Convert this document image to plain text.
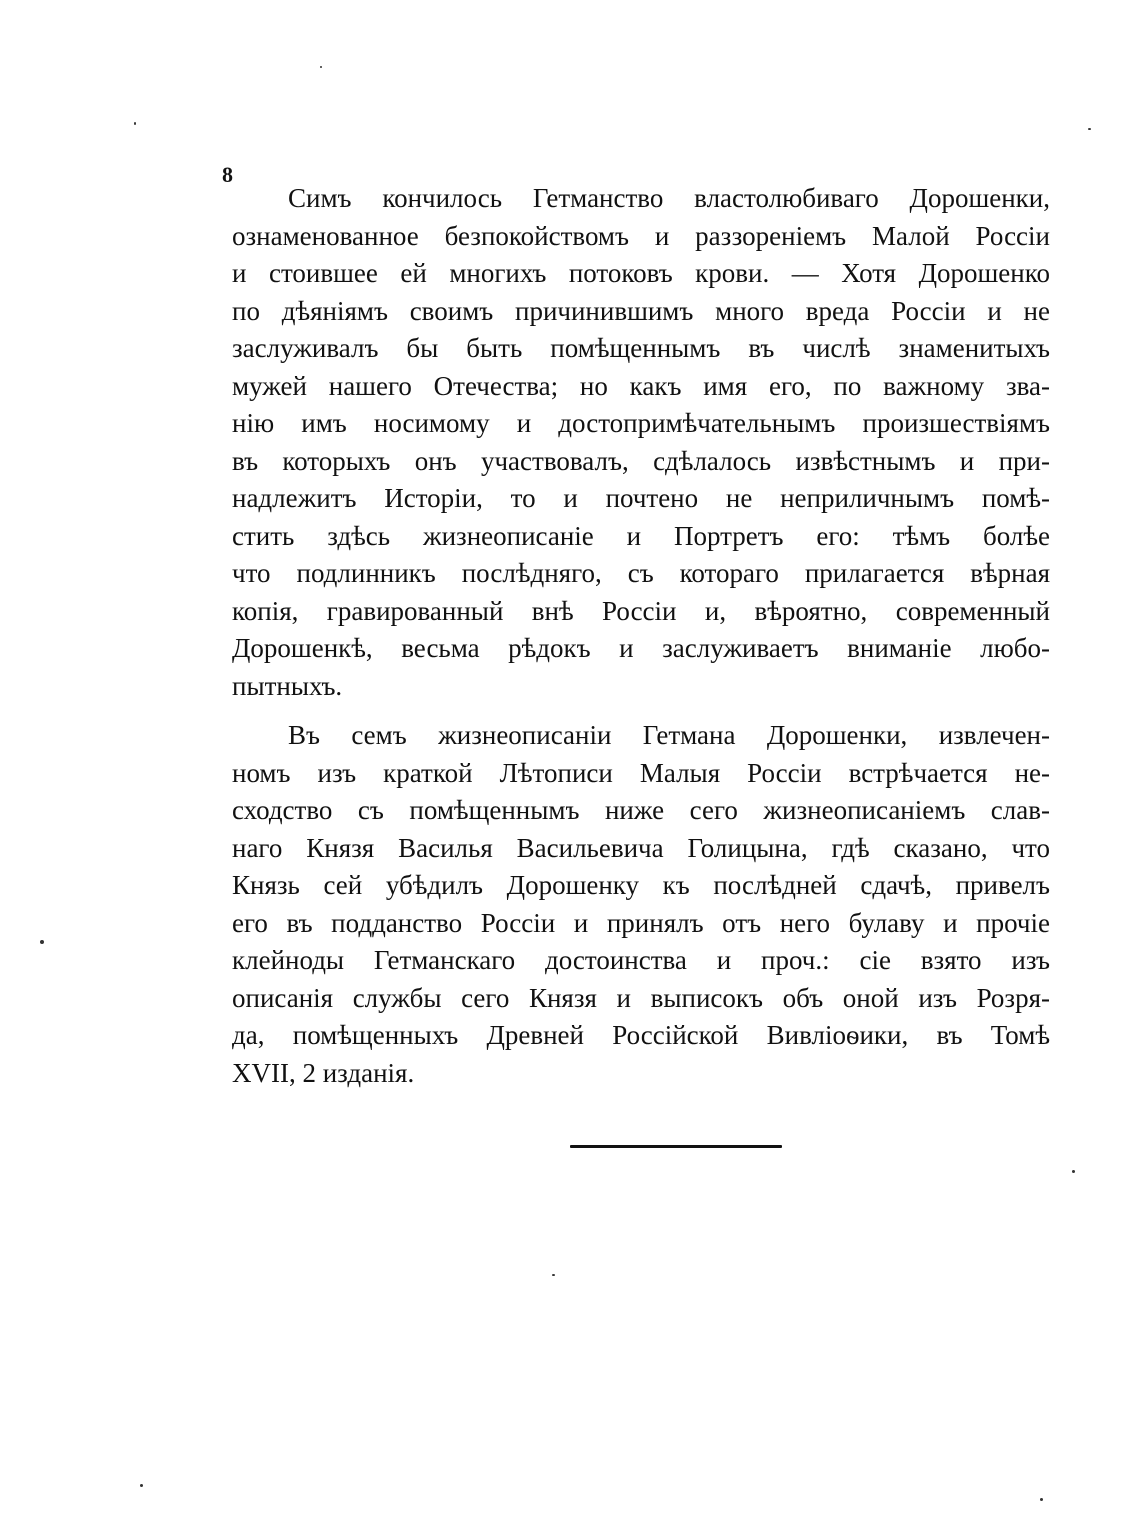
8
Симъ кончилось Гетманство властолюбиваго Дорошенки,
ознаменованное безпокойствомъ и раззореніемъ Малой Россіи
и стоившее ей многихъ потоковъ крови. — Хотя Дорошенко
по дѣяніямъ своимъ причинившимъ много вреда Россіи и не
заслуживалъ бы быть помѣщеннымъ въ числѣ знаменитыхъ
мужей нашего Отечества; но какъ имя его, по важному зва-
нію имъ носимому и достопримѣчательнымъ произшествіямъ
въ которыхъ онъ участвовалъ, сдѣлалось извѣстнымъ и при-
надлежитъ Исторіи, то и почтено не неприличнымъ помѣ-
стить здѣсь жизнеописаніе и Портретъ его: тѣмъ болѣе
что подлинникъ послѣдняго, съ котораго прилагается вѣрная
копія, гравированный внѣ Россіи и, вѣроятно, современный
Дорошенкѣ, весьма рѣдокъ и заслуживаетъ вниманіе любо-
пытныхъ.
Въ семъ жизнеописаніи Гетмана Дорошенки, извлечен-
номъ изъ краткой Лѣтописи Малыя Россіи встрѣчается не-
сходство съ помѣщеннымъ ниже сего жизнеописаніемъ слав-
наго Князя Василья Васильевича Голицына, гдѣ сказано, что
Князь сей убѣдилъ Дорошенку къ послѣдней сдачѣ, привелъ
его въ подданство Россіи и принялъ отъ него булаву и прочіе
клейноды Гетманскаго достоинства и проч.: сіе взято изъ
описанія службы сего Князя и выписокъ объ оной изъ Розря-
да, помѣщенныхъ Древней Россійской Вивліоѳики, въ Томѣ
XVII, 2 изданія.
